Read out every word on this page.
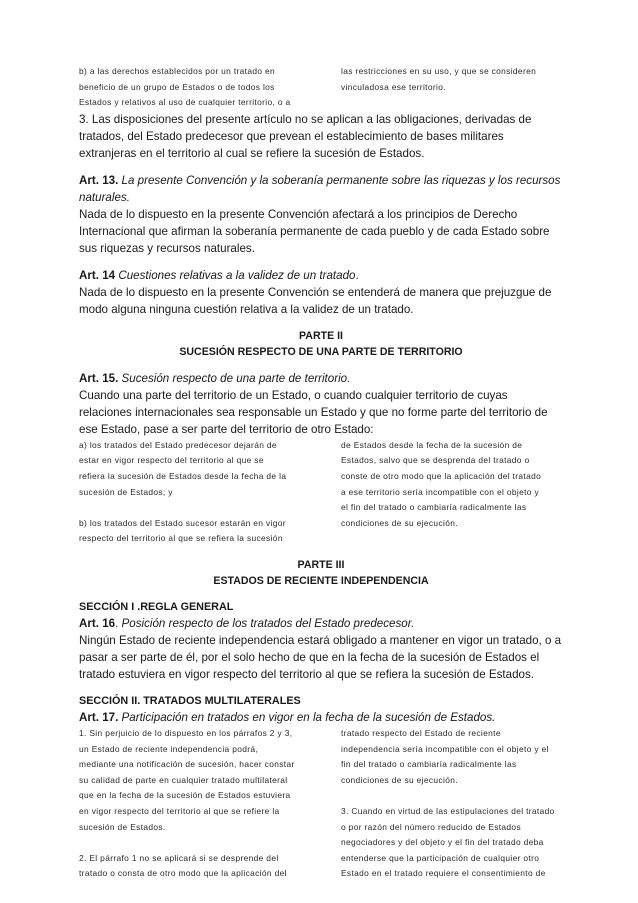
b) a las derechos establecidos por un tratado en
beneficio de un grupo de Estados o de todos los
Estados y relativos al uso de cualquier territorio, o a
las restricciones en su uso, y que se consideren
vinculadosa ese territorio.

3. Las disposiciones del presente artículo no se aplican a las obligaciones, derivadas de tratados, del Estado predecesor que prevean el establecimiento de bases militares extranjeras en el territorio al cual se refiere la sucesión de Estados.

Art. 13. La presente Convención y la soberanía permanente sobre las riquezas y los recursos naturales.

Nada de lo dispuesto en la presente Convención afectará a los principios de Derecho Internacional que afirman la soberanía permanente de cada pueblo y de cada Estado sobre sus riquezas y recursos naturales.

Art. 14 Cuestiones relativas a la validez de un tratado.

Nada de lo dispuesto en la presente Convención se entenderá de manera que prejuzgue de modo alguna ninguna cuestión relativa a la validez de un tratado.

PARTE II
SUCESIÓN RESPECTO DE UNA PARTE DE TERRITORIO

Art. 15. Sucesión respecto de una parte de territorio.

Cuando una parte del territorio de un Estado, o cuando cualquier territorio de cuyas relaciones internacionales sea responsable un Estado y que no forme parte del territorio de ese Estado, pase a ser parte del territorio de otro Estado:

a) los tratados del Estado predecesor dejarán de
estar en vigor respecto del territorio al que se
refiera la sucesión de Estados desde la fecha de la
sucesión de Estados; y
b) los tratados del Estado sucesor estarán en vigor
respecto del territorio al que se refiera la sucesión
de Estados desde la fecha de la sucesión de
Estados, salvo que se desprenda del tratado o
conste de otro modo que la aplicación del tratado
a ese territorio sería incompatible con el objeto y
el fin del tratado o cambiaría radicalmente las
condiciones de su ejecución.
PARTE III
ESTADOS DE RECIENTE INDEPENDENCIA
SECCIÓN I .REGLA GENERAL

Art. 16. Posición respecto de los tratados del Estado predecesor.

Ningún Estado de reciente independencia estará obligado a mantener en vigor un tratado, o a pasar a ser parte de él, por el solo hecho de que en la fecha de la sucesión de Estados el tratado estuviera en vigor respecto del territorio al que se refiera la sucesión de Estados.

SECCIÓN II. TRATADOS MULTILATERALES

Art. 17. Participación en tratados en vigor en la fecha de la sucesión de Estados.

1. Sin perjuicio de lo dispuesto en los párrafos 2 y 3,
un Estado de reciente independencia podrá,
mediante una notificación de sucesión, hacer constar
su calidad de parte en cualquier tratado multilateral
que en la fecha de la sucesión de Estados estuviera
en vigor respecto del territorio al que se refiere la
sucesión de Estados.
2. El párrafo 1 no se aplicará si se desprende del
tratado o consta de otro modo que la aplicación del
tratado respecto del Estado de reciente
independencia sería incompatible con el objeto y el
fin del tratado o cambiaría radicalmente las
condiciones de su ejecución.
3. Cuando en virtud de las estipulaciones del tratado
o por razón del número reducido de Estados
negociadores y del objeto y el fin del tratado deba
entenderse que la participación de cualquier otro
Estado en el tratado requiere el consentimiento de
